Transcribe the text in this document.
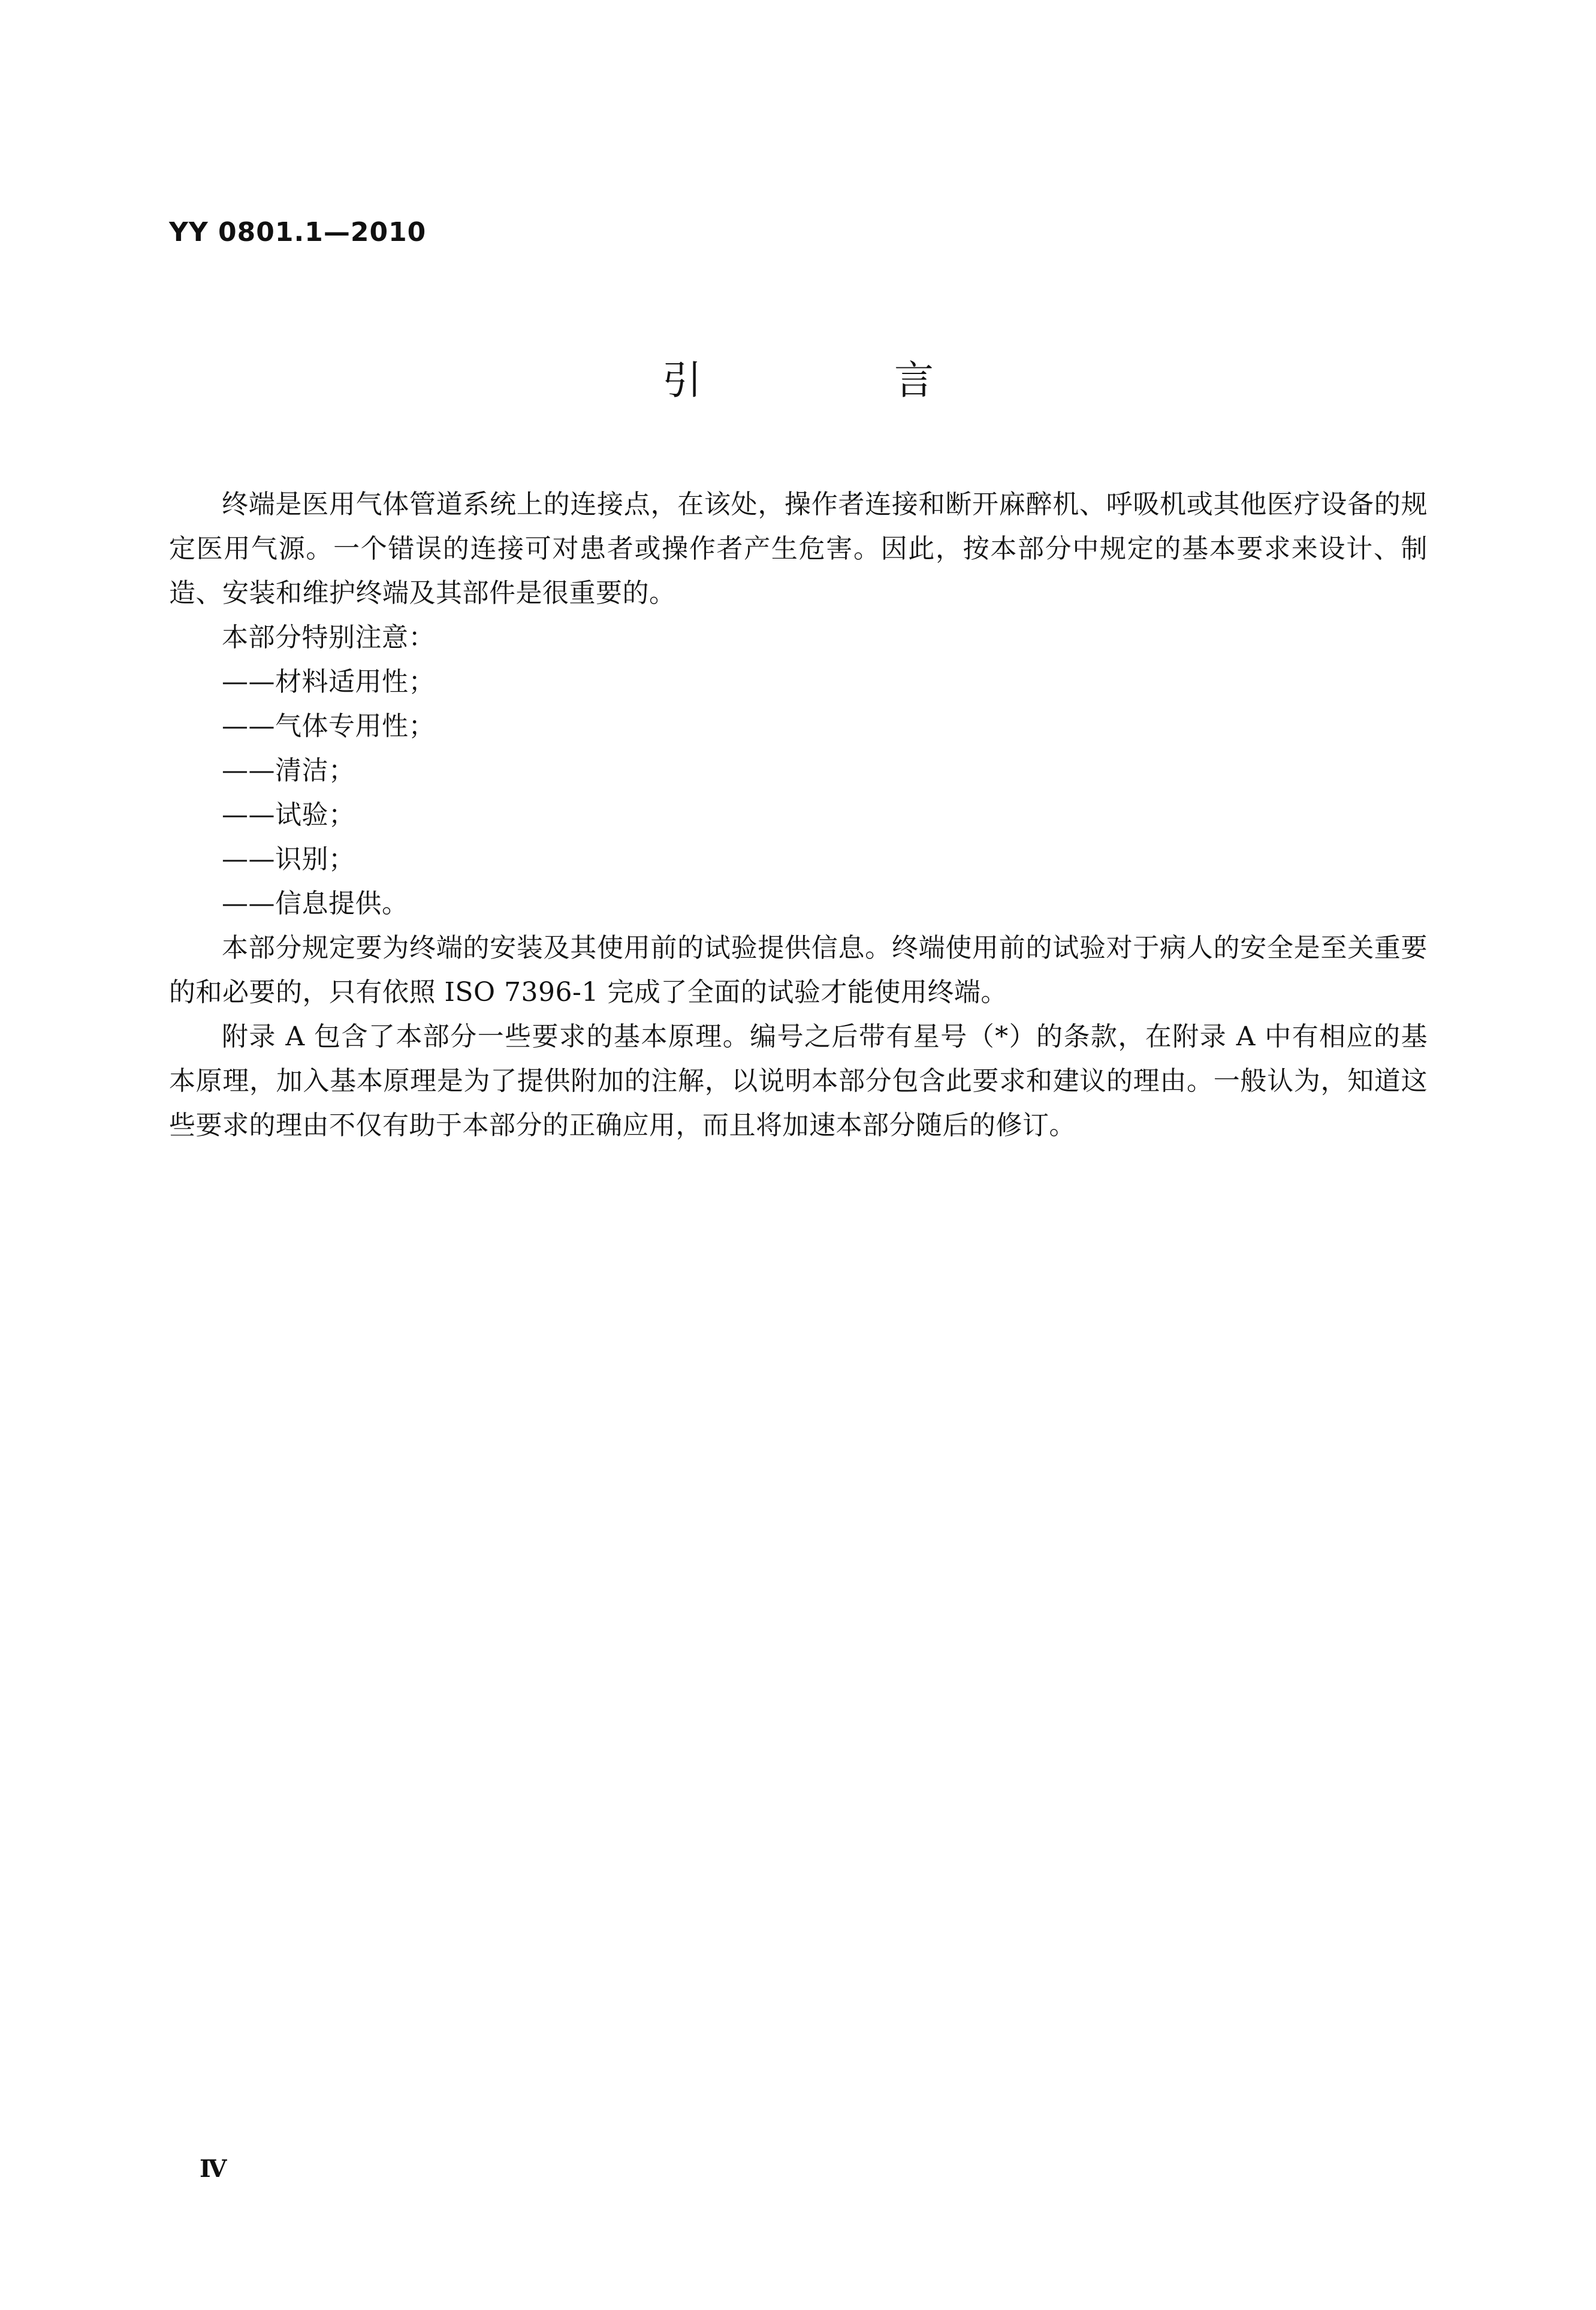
YY 0801.1—2010
引 言

终端是医用气体管道系统上的连接点，在该处，操作者连接和断开麻醉机、呼吸机或其他医疗设备的规定医用气源。一个错误的连接可对患者或操作者产生危害。因此，按本部分中规定的基本要求来设计、制造、安装和维护终端及其部件是很重要的。

本部分特别注意：

——材料适用性；

——气体专用性；

——清洁；

——试验；

——识别；

——信息提供。

本部分规定要为终端的安装及其使用前的试验提供信息。终端使用前的试验对于病人的安全是至关重要的和必要的，只有依照 ISO 7396-1 完成了全面的试验才能使用终端。

附录 A 包含了本部分一些要求的基本原理。编号之后带有星号（*）的条款，在附录 A 中有相应的基本原理，加入基本原理是为了提供附加的注解，以说明本部分包含此要求和建议的理由。一般认为，知道这些要求的理由不仅有助于本部分的正确应用，而且将加速本部分随后的修订。

Ⅳ
